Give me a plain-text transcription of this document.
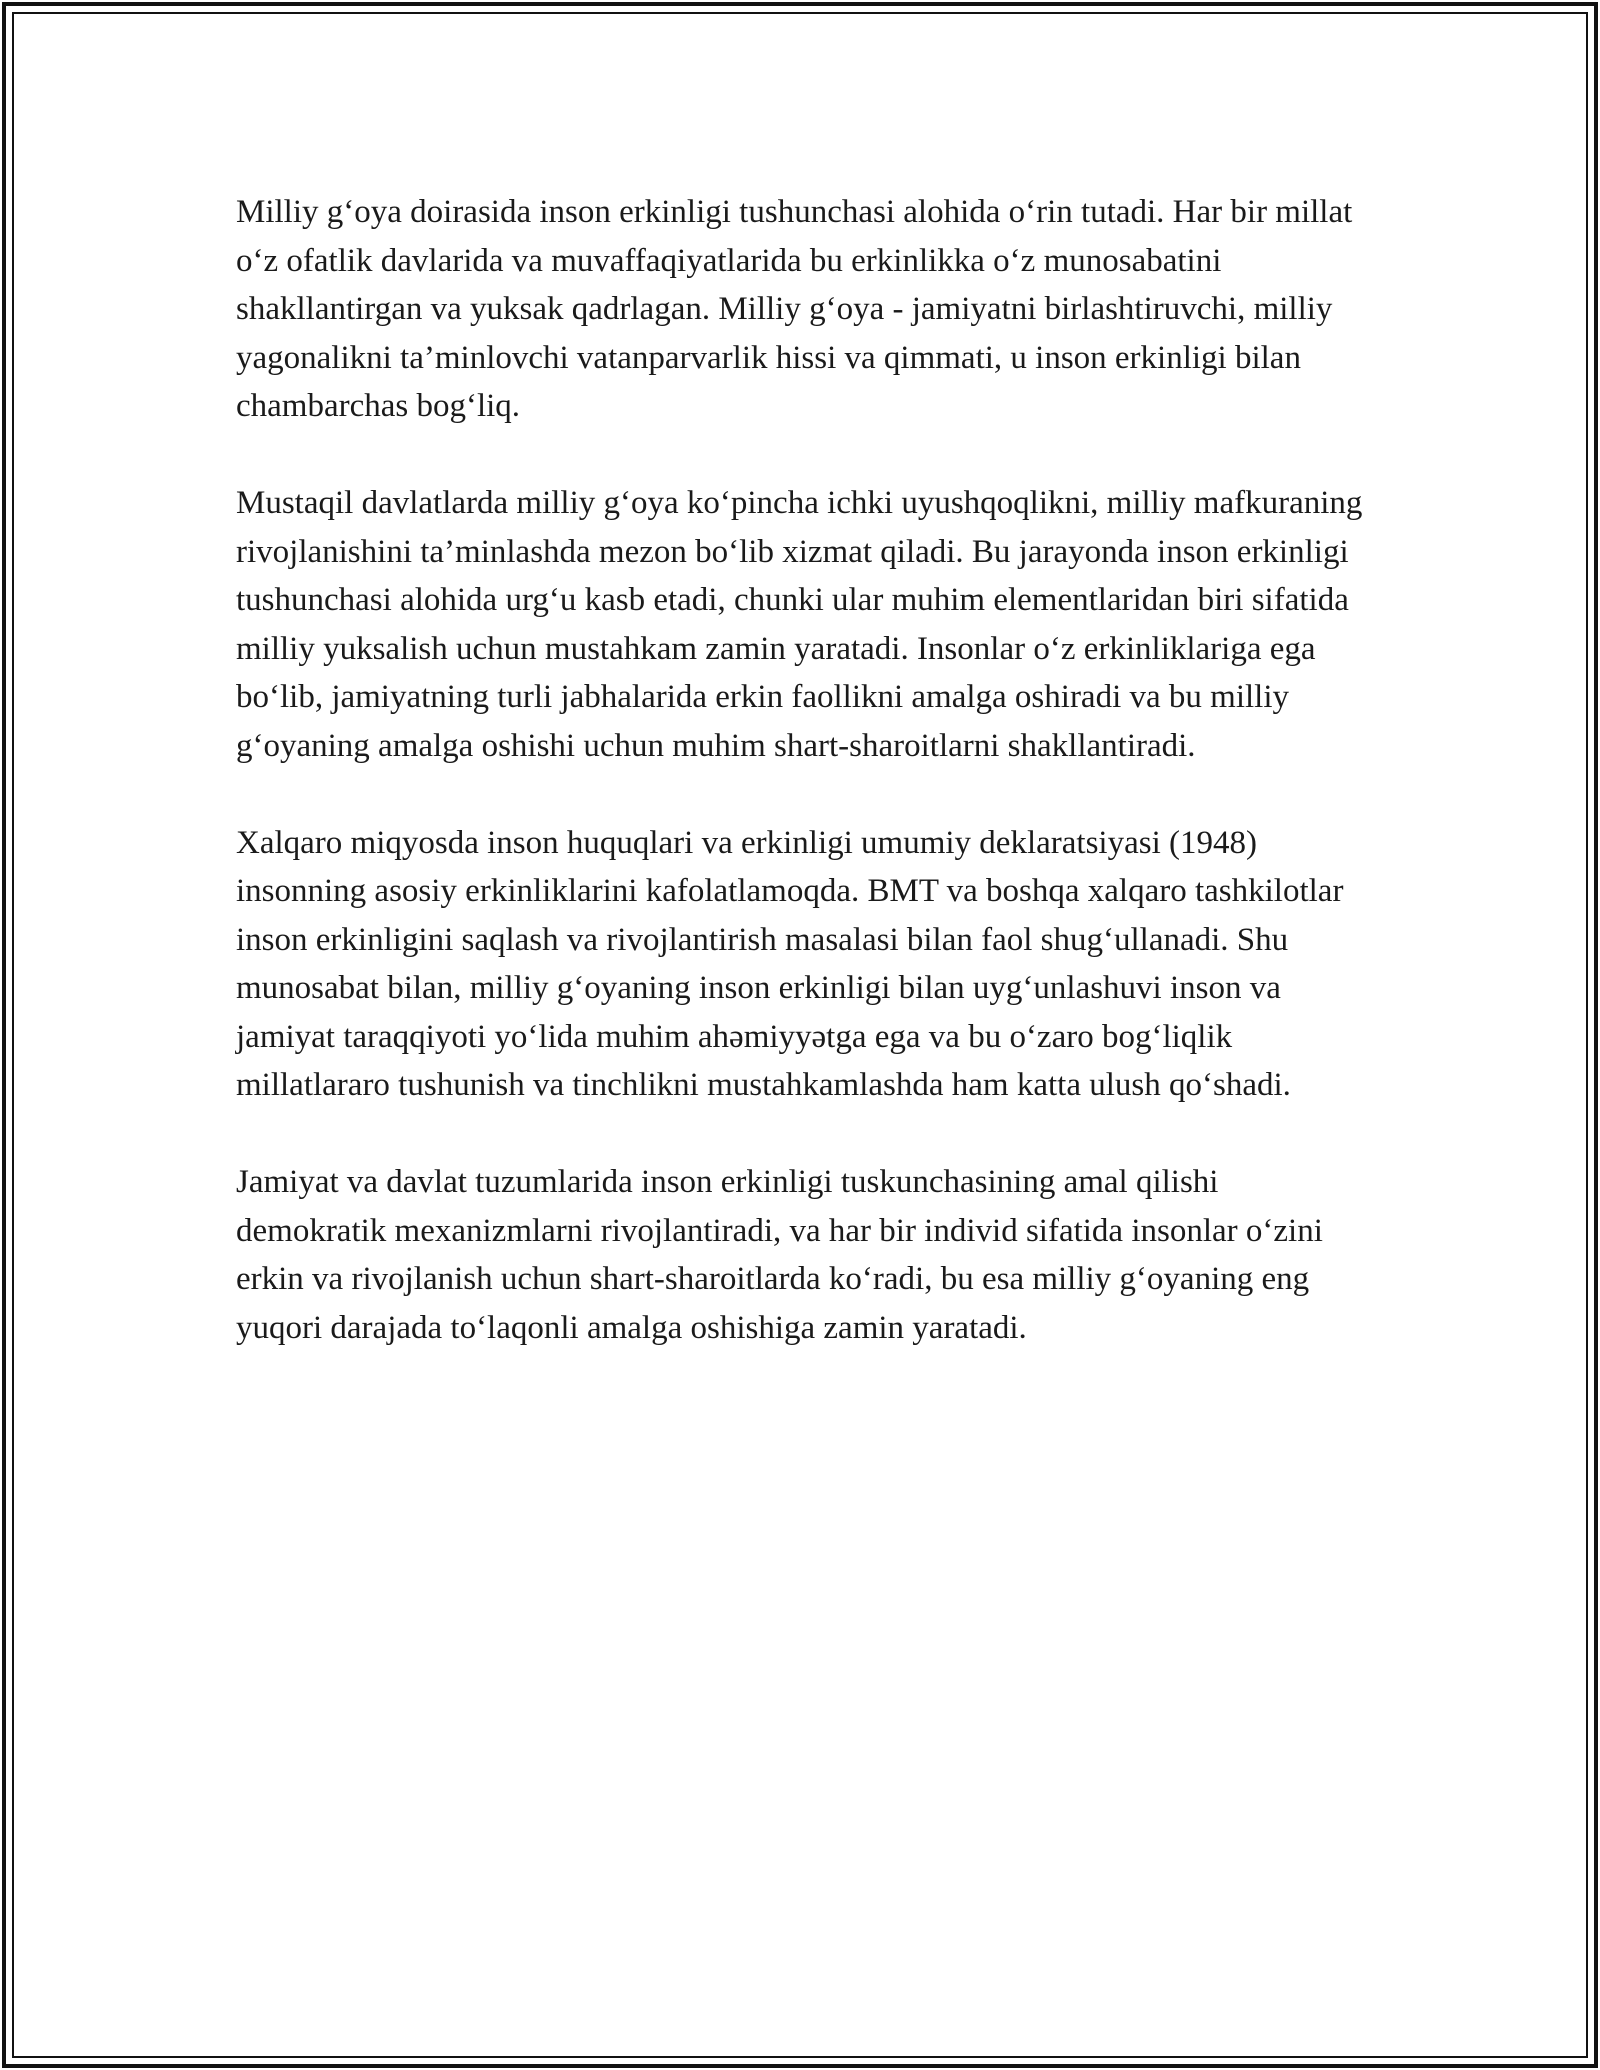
Milliy g‘oya doirasida inson erkinligi tushunchasi alohida o‘rin tutadi. Har bir millat o‘z ofatlik davlarida va muvaffaqiyatlarida bu erkinlikka o‘z munosabatini shakllantirgan va yuksak qadrlagan. Milliy g‘oya - jamiyatni birlashtiruvchi, milliy yagonalikni ta’minlovchi vatanparvarlik hissi va qimmati, u inson erkinligi bilan chambarchas bog‘liq.

Mustaqil davlatlarda milliy g‘oya ko‘pincha ichki uyushqoqlikni, milliy mafkuraning rivojlanishini ta’minlashda mezon bo‘lib xizmat qiladi. Bu jarayonda inson erkinligi tushunchasi alohida urg‘u kasb etadi, chunki ular muhim elementlaridan biri sifatida milliy yuksalish uchun mustahkam zamin yaratadi. Insonlar o‘z erkinliklariga ega bo‘lib, jamiyatning turli jabhalarida erkin faollikni amalga oshiradi va bu milliy g‘oyaning amalga oshishi uchun muhim shart-sharoitlarni shakllantiradi.

Xalqaro miqyosda inson huquqlari va erkinligi umumiy deklaratsiyasi (1948) insonning asosiy erkinliklarini kafolatlamoqda. BMT va boshqa xalqaro tashkilotlar inson erkinligini saqlash va rivojlantirish masalasi bilan faol shug‘ullanadi. Shu munosabat bilan, milliy g‘oyaning inson erkinligi bilan uyg‘unlashuvi inson va jamiyat taraqqiyoti yo‘lida muhim ahəmiyyətga ega va bu o‘zaro bog‘liqlik millatlararo tushunish va tinchlikni mustahkamlashda ham katta ulush qo‘shadi.

Jamiyat va davlat tuzumlarida inson erkinligi tuskunchasining amal qilishi demokratik mexanizmlarni rivojlantiradi, va har bir individ sifatida insonlar o‘zini erkin va rivojlanish uchun shart-sharoitlarda ko‘radi, bu esa milliy g‘oyaning eng yuqori darajada to‘laqonli amalga oshishiga zamin yaratadi.
